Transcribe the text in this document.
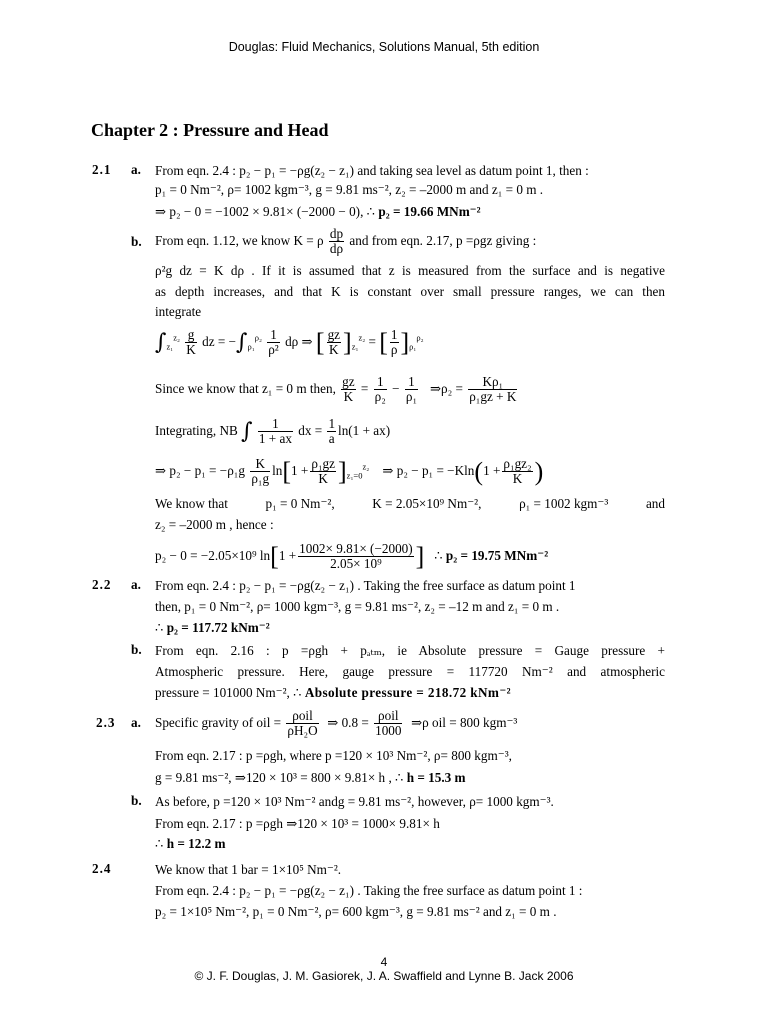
Douglas: Fluid Mechanics, Solutions Manual, 5th edition
Chapter 2 : Pressure and Head
2.1 a. From eqn. 2.4 : p₂ − p₁ = −ρg(z₂ − z₁) and taking sea level as datum point 1, then :
p₁ = 0 Nm⁻², ρ= 1002 kgm⁻³, g = 9.81 ms⁻², z₂ = –2000 m and z₁ = 0 m .
⇒ p₂ − 0 = −1002 × 9.81× (−2000 − 0), ∴ p₂ = 19.66 MNm⁻²
b. From eqn. 1.12, we know K = ρ $\frac{dp}{d\rho}$ and from eqn. 2.17, p =ρgz giving :
ρ²g dz = K dρ . If it is assumed that z is measured from the surface and is negative
as depth increases, and that K is constant over small pressure ranges, we can then
integrate
$\int_{z_1}^{z_2} \frac{g}{K}$ dz = $-\int_{\rho_1}^{\rho_2} \frac{1}{\text{ρ²}}$ dρ ⇒ [ $\frac{gz}{K} ]_{z_1}^{z_2}$ = [ $\frac{1}{\rho} ]_{\rho_1}^{\rho_2}$
Since we know that z₁ = 0 m then, $\frac{gz}{K} = \frac{1}{\text{ρ₂}} - \frac{1}{\text{ρ₁}}$ ⇒ρ₂ = $\frac{\text{Kρ₁}}{\text{ρ₁gz + K}}$
Integrating, NB ∫ $\frac{1}{1 + ax}$ dx = $\frac{1}{a} \ln(1 + ax)$
⇒ $p_2 - p_1 = -\rho_1g \frac{K}{\text{ρ₁g}} \ln[1 + \frac{\text{ρ₁gz}}{K} ]_{z_1=0}^{z_2}$ ⇒ $p_2 - p_1 = -Kln(1 + \frac{\text{ρ₁gz₂}}{K}$ )
We know that	p₁ = 0 Nm⁻²,	K = 2.05×10⁹ Nm⁻²,	ρ₁ = 1002 kgm⁻³	and
z₂ = –2000 m , hence :
p₂ − 0 = −2.05×10⁹ $\ln[1 + \frac{1002\times 9.81\times (-2000)}{\text{2.05× 10⁹}}$ ] ∴ p₂ = 19.75 MNm⁻²
2.2 a. From eqn. 2.4 : p₂ − p₁ = −ρg(z₂ − z₁) . Taking the free surface as datum point 1
then, p₁ = 0 Nm⁻², ρ= 1000 kgm⁻³, g = 9.81 ms⁻², z₂ = –12 m and z₁ = 0 m .
∴ p₂ = 117.72 kNm⁻²
b. From eqn. 2.16 : p =ρgh + pₐₜₘ, ie Absolute pressure = Gauge pressure +
Atmospheric pressure. Here, gauge pressure = 117720 Nm⁻² and atmospheric
pressure = 101000 Nm⁻², ∴ Absolute pressure = 218.72 kNm⁻²
2.3 a. Specific gravity of oil = $\frac{\text{ρoil}}{\text{ρH₂O}}$ ⇒ $0.8 = \frac{\text{ρoil}}{1000}$ ⇒ρ oil = 800 kgm⁻³
From eqn. 2.17 : p =ρgh, where p =120 × 10³ Nm⁻², ρ= 800 kgm⁻³,
g = 9.81 ms⁻², ⇒120 × 10³ = 800 × 9.81× h , ∴ h = 15.3 m
b. As before, p =120 × 10³ Nm⁻² andg = 9.81 ms⁻², however, ρ= 1000 kgm⁻³.
From eqn. 2.17 : p =ρgh ⇒120 × 10³ = 1000× 9.81× h
∴ h = 12.2 m
2.4	We know that 1 bar = 1×10⁵ Nm⁻².
From eqn. 2.4 : p₂ − p₁ = −ρg(z₂ − z₁) . Taking the free surface as datum point 1 :
p₂ = 1×10⁵ Nm⁻², p₁ = 0 Nm⁻², ρ= 600 kgm⁻³, g = 9.81 ms⁻² and z₁ = 0 m .
4
© J. F. Douglas, J. M. Gasiorek, J. A. Swaffield and Lynne B. Jack 2006
